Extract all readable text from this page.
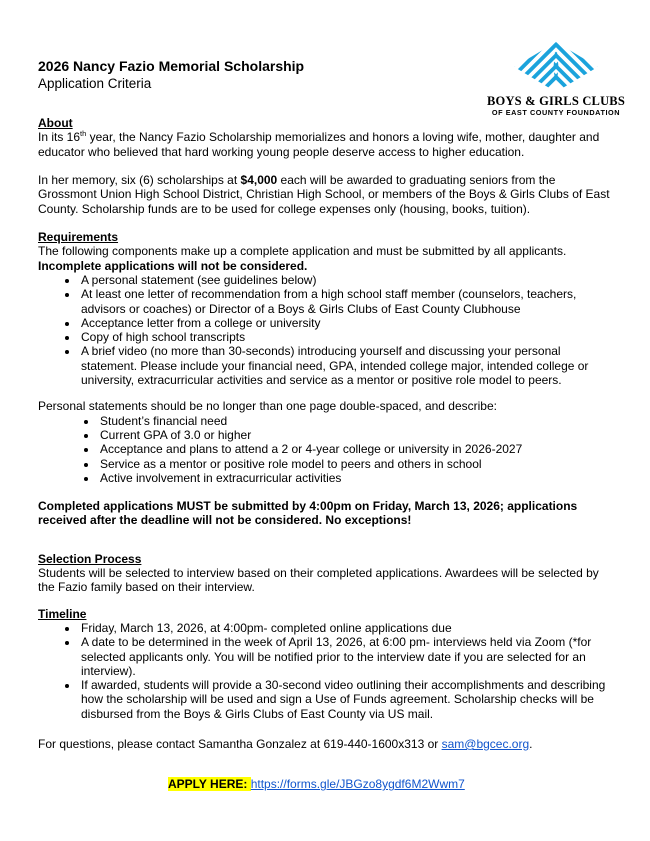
2026 Nancy Fazio Memorial Scholarship
Application Criteria
BOYS & GIRLS CLUBS
OF EAST COUNTY FOUNDATION
About

In its 16th year, the Nancy Fazio Scholarship memorializes and honors a loving wife, mother, daughter and educator who believed that hard working young people deserve access to higher education.

In her memory, six (6) scholarships at $4,000 each will be awarded to graduating seniors from the Grossmont Union High School District, Christian High School, or members of the Boys & Girls Clubs of East County. Scholarship funds are to be used for college expenses only (housing, books, tuition).

Requirements

The following components make up a complete application and must be submitted by all applicants. Incomplete applications will not be considered.

• A personal statement (see guidelines below)
• At least one letter of recommendation from a high school staff member (counselors, teachers, advisors or coaches) or Director of a Boys & Girls Clubs of East County Clubhouse
• Acceptance letter from a college or university
• Copy of high school transcripts
• A brief video (no more than 30-seconds) introducing yourself and discussing your personal statement. Please include your financial need, GPA, intended college major, intended college or university, extracurricular activities and service as a mentor or positive role model to peers.

Personal statements should be no longer than one page double-spaced, and describe:

• Student’s financial need
• Current GPA of 3.0 or higher
• Acceptance and plans to attend a 2 or 4-year college or university in 2026-2027
• Service as a mentor or positive role model to peers and others in school
• Active involvement in extracurricular activities

Completed applications MUST be submitted by 4:00pm on Friday, March 13, 2026; applications received after the deadline will not be considered. No exceptions!

Selection Process

Students will be selected to interview based on their completed applications. Awardees will be selected by the Fazio family based on their interview.

Timeline
• Friday, March 13, 2026, at 4:00pm- completed online applications due
• A date to be determined in the week of April 13, 2026, at 6:00 pm- interviews held via Zoom (*for selected applicants only. You will be notified prior to the interview date if you are selected for an interview).
• If awarded, students will provide a 30-second video outlining their accomplishments and describing how the scholarship will be used and sign a Use of Funds agreement. Scholarship checks will be disbursed from the Boys & Girls Clubs of East County via US mail.

For questions, please contact Samantha Gonzalez at 619-440-1600x313 or sam@bgcec.org.

APPLY HERE: https://forms.gle/JBGzo8ygdf6M2Wwm7
